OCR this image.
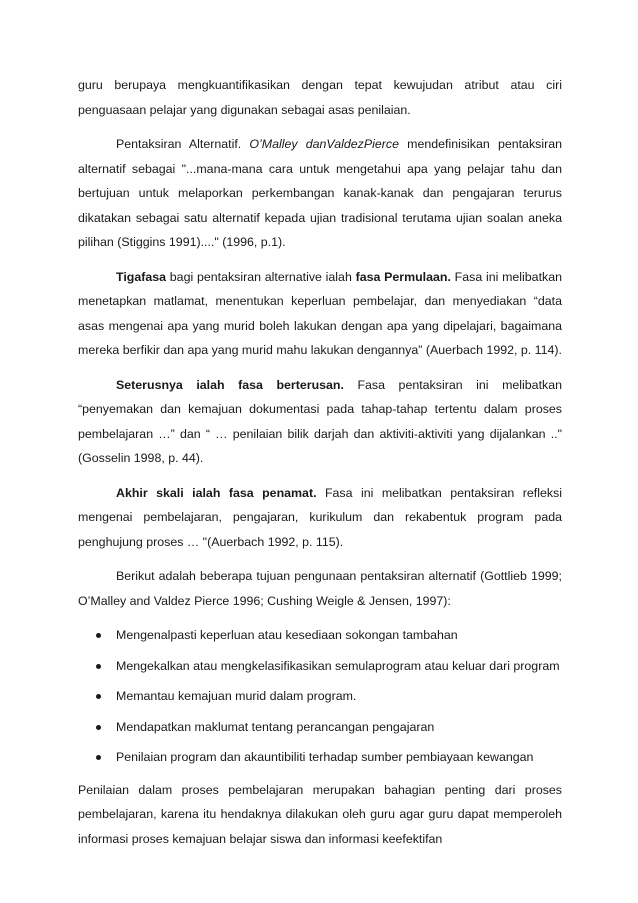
guru berupaya mengkuantifikasikan dengan tepat kewujudan atribut atau ciri penguasaan pelajar yang digunakan sebagai asas penilaian.

Pentaksiran Alternatif. O’Malley danValdezPierce mendefinisikan pentaksiran alternatif sebagai "...mana-mana cara untuk mengetahui apa yang pelajar tahu dan bertujuan untuk melaporkan perkembangan kanak-kanak dan pengajaran terurus dikatakan sebagai satu alternatif kepada ujian tradisional terutama ujian soalan aneka pilihan (Stiggins 1991)...." (1996, p.1).

Tigafasa bagi pentaksiran alternative ialah fasa Permulaan. Fasa ini melibatkan menetapkan matlamat, menentukan keperluan pembelajar, dan menyediakan “data asas mengenai apa yang murid boleh lakukan dengan apa yang dipelajari, bagaimana mereka berfikir dan apa yang murid mahu lakukan dengannya” (Auerbach 1992, p. 114).

Seterusnya ialah fasa berterusan. Fasa pentaksiran ini melibatkan “penyemakan dan kemajuan dokumentasi pada tahap-tahap tertentu dalam proses pembelajaran …” dan “ … penilaian bilik darjah dan aktiviti-aktiviti yang dijalankan .." (Gosselin 1998, p. 44).

Akhir skali ialah fasa penamat. Fasa ini melibatkan pentaksiran refleksi mengenai pembelajaran, pengajaran, kurikulum dan rekabentuk program pada penghujung proses … "(Auerbach 1992, p. 115).

Berikut adalah beberapa tujuan pengunaan pentaksiran alternatif (Gottlieb 1999; O’Malley and Valdez Pierce 1996; Cushing Weigle & Jensen, 1997):

Mengenalpasti keperluan atau kesediaan sokongan tambahan
Mengekalkan atau mengkelasifikasikan semulaprogram atau keluar dari program
Memantau kemajuan murid dalam program.
Mendapatkan maklumat tentang perancangan pengajaran
Penilaian program dan akauntibiliti terhadap sumber pembiayaan kewangan

Penilaian dalam proses pembelajaran merupakan bahagian penting dari proses pembelajaran, karena itu hendaknya dilakukan oleh guru agar guru dapat memperoleh informasi proses kemajuan belajar siswa dan informasi keefektifan
